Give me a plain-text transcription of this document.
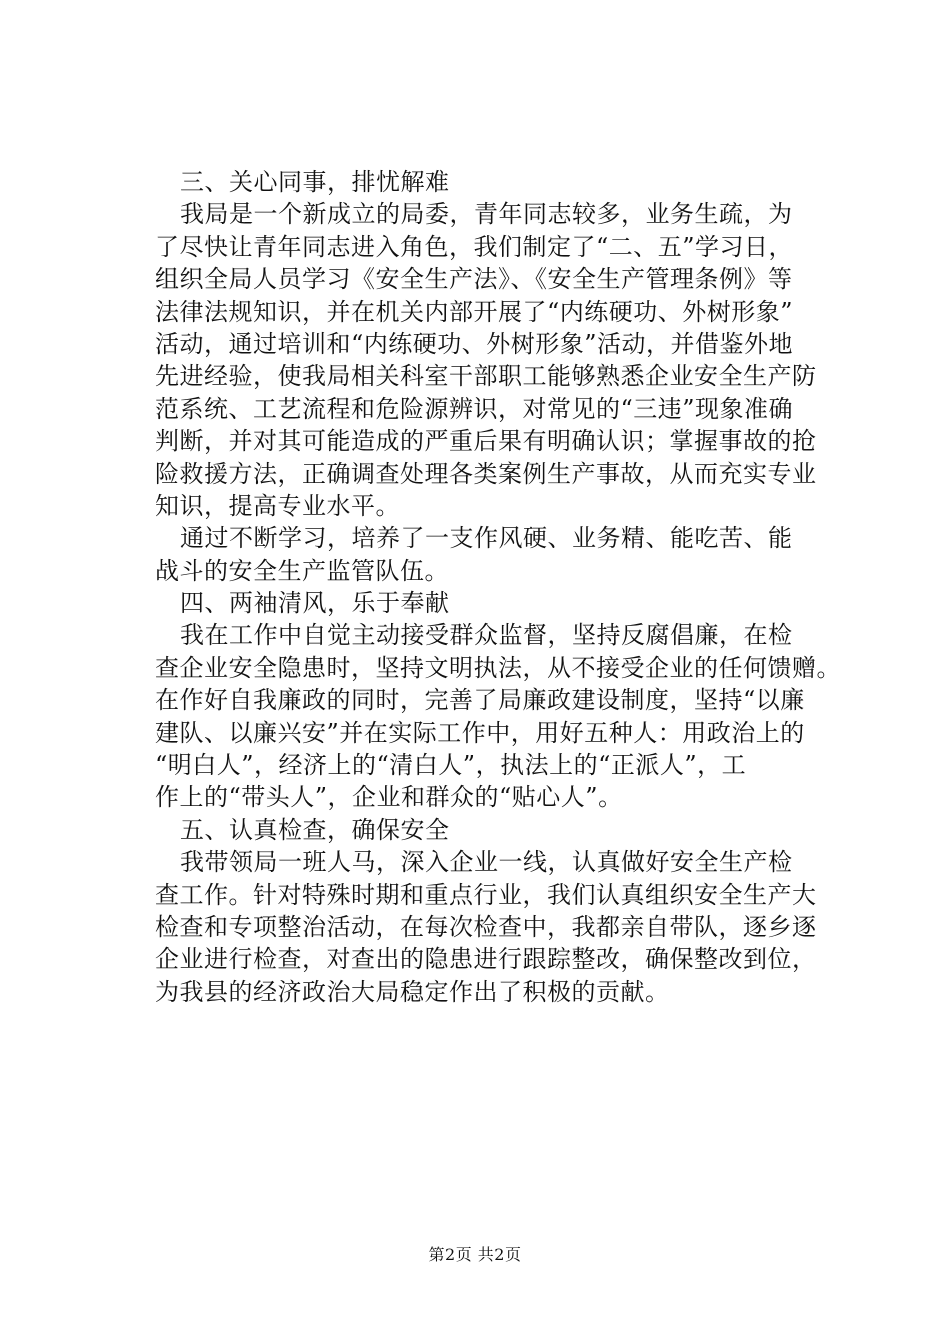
三、关心同事，排忧解难
我局是一个新成立的局委，青年同志较多，业务生疏，为
了尽快让青年同志进入角色，我们制定了“二、五”学习日，
组织全局人员学习《安全生产法》、《安全生产管理条例》等
法律法规知识，并在机关内部开展了“内练硬功、外树形象”
活动，通过培训和“内练硬功、外树形象”活动，并借鉴外地
先进经验，使我局相关科室干部职工能够熟悉企业安全生产防
范系统、工艺流程和危险源辨识，对常见的“三违”现象准确
判断，并对其可能造成的严重后果有明确认识；掌握事故的抢
险救援方法，正确调查处理各类案例生产事故，从而充实专业
知识，提高专业水平。
通过不断学习，培养了一支作风硬、业务精、能吃苦、能
战斗的安全生产监管队伍。
四、两袖清风，乐于奉献
我在工作中自觉主动接受群众监督，坚持反腐倡廉，在检
查企业安全隐患时，坚持文明执法，从不接受企业的任何馈赠。
在作好自我廉政的同时，完善了局廉政建设制度，坚持“以廉
建队、以廉兴安”并在实际工作中，用好五种人：用政治上的
“明白人”，经济上的“清白人”，执法上的“正派人”，工
作上的“带头人”，企业和群众的“贴心人”。
五、认真检查，确保安全
我带领局一班人马，深入企业一线，认真做好安全生产检
查工作。针对特殊时期和重点行业，我们认真组织安全生产大
检查和专项整治活动，在每次检查中，我都亲自带队，逐乡逐
企业进行检查，对查出的隐患进行跟踪整改，确保整改到位，
为我县的经济政治大局稳定作出了积极的贡献。
第2页 共2页
